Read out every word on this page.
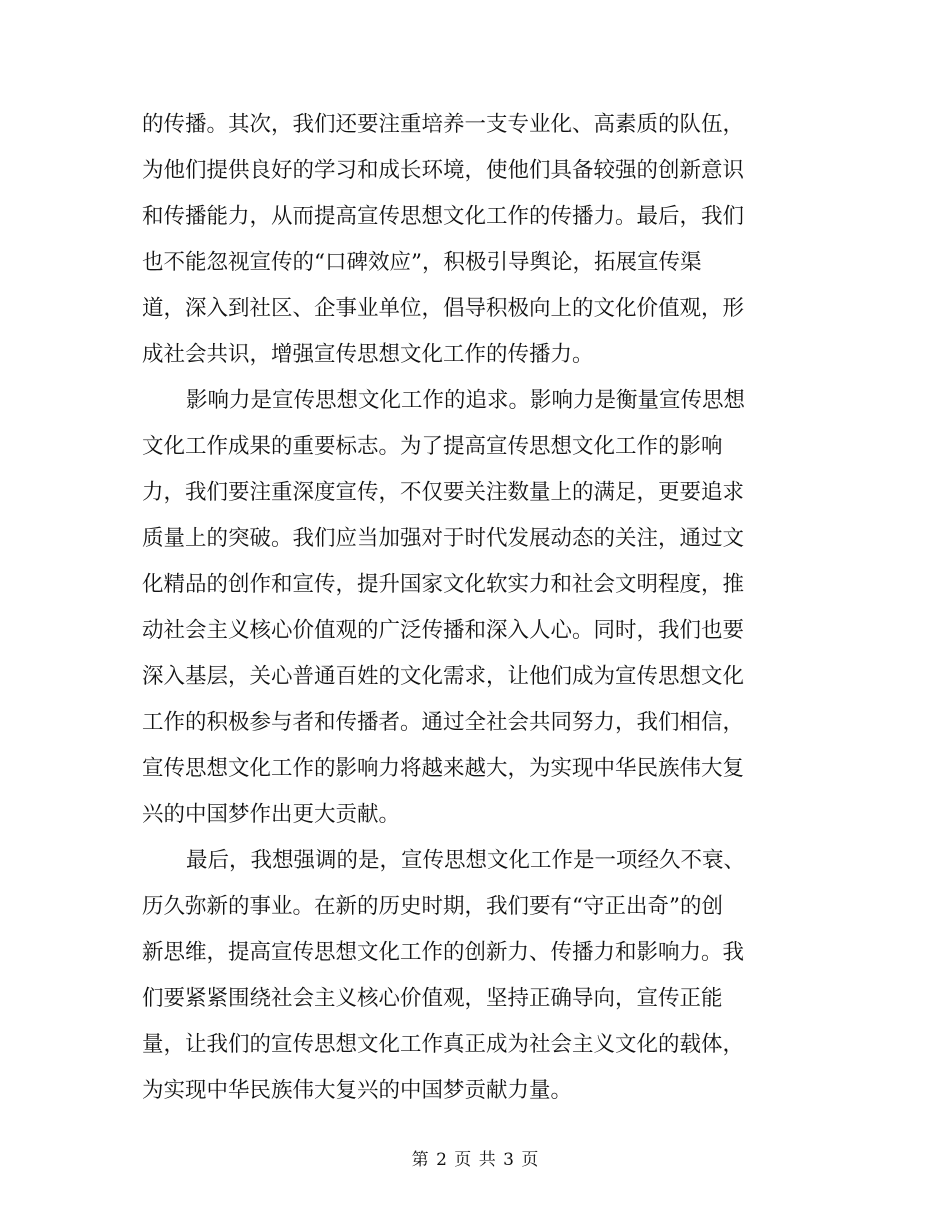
的传播。其次，我们还要注重培养一支专业化、高素质的队伍，
为他们提供良好的学习和成长环境，使他们具备较强的创新意识
和传播能力，从而提高宣传思想文化工作的传播力。最后，我们
也不能忽视宣传的“口碑效应”，积极引导舆论，拓展宣传渠
道，深入到社区、企事业单位，倡导积极向上的文化价值观，形
成社会共识，增强宣传思想文化工作的传播力。
影响力是宣传思想文化工作的追求。影响力是衡量宣传思想
文化工作成果的重要标志。为了提高宣传思想文化工作的影响
力，我们要注重深度宣传，不仅要关注数量上的满足，更要追求
质量上的突破。我们应当加强对于时代发展动态的关注，通过文
化精品的创作和宣传，提升国家文化软实力和社会文明程度，推
动社会主义核心价值观的广泛传播和深入人心。同时，我们也要
深入基层，关心普通百姓的文化需求，让他们成为宣传思想文化
工作的积极参与者和传播者。通过全社会共同努力，我们相信，
宣传思想文化工作的影响力将越来越大，为实现中华民族伟大复
兴的中国梦作出更大贡献。
最后，我想强调的是，宣传思想文化工作是一项经久不衰、
历久弥新的事业。在新的历史时期，我们要有“守正出奇”的创
新思维，提高宣传思想文化工作的创新力、传播力和影响力。我
们要紧紧围绕社会主义核心价值观，坚持正确导向，宣传正能
量，让我们的宣传思想文化工作真正成为社会主义文化的载体，
为实现中华民族伟大复兴的中国梦贡献力量。
第 2 页 共 3 页
